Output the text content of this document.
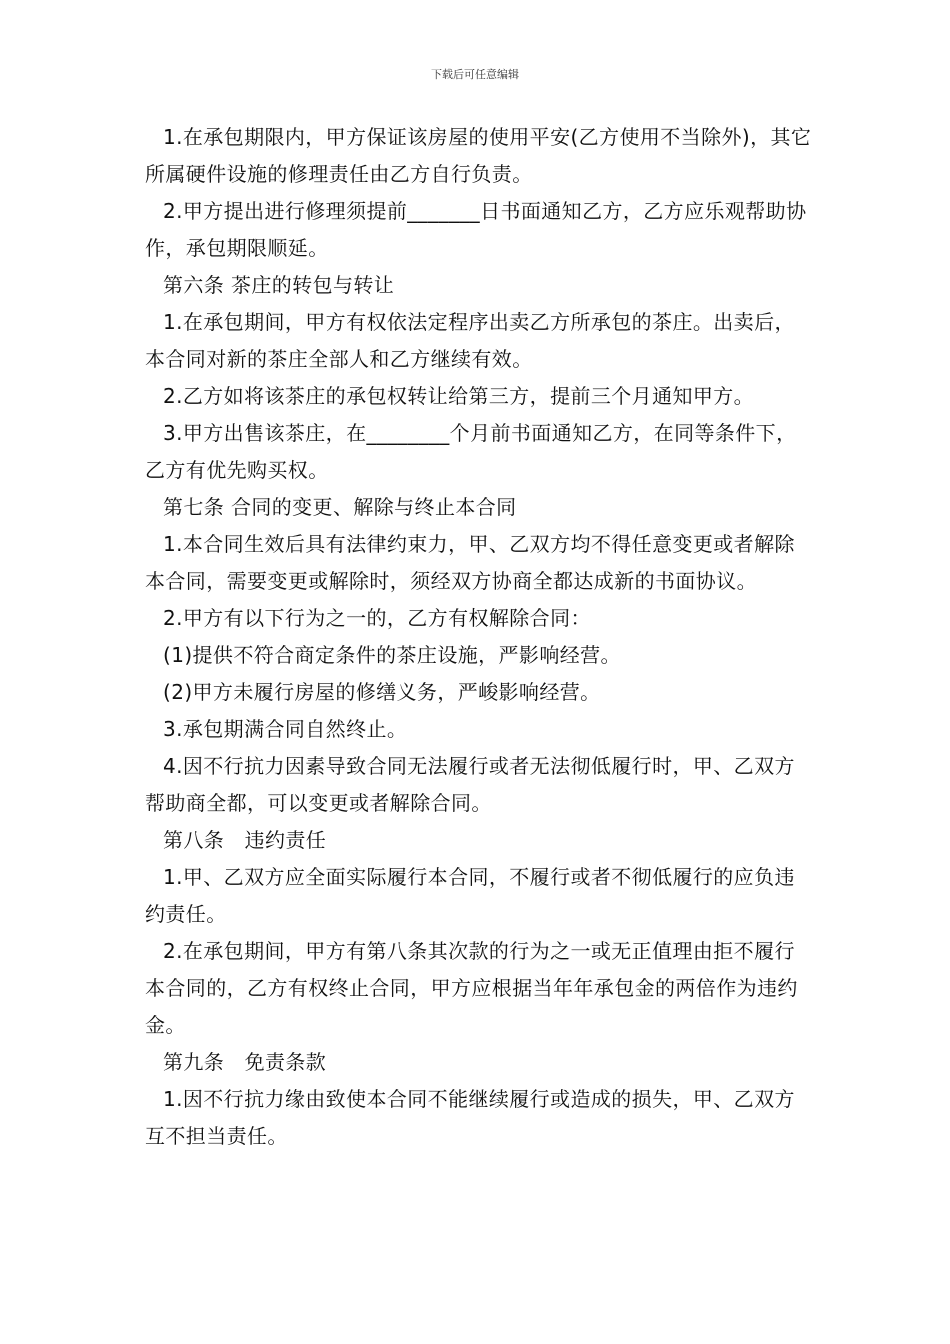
下载后可任意编辑

1.在承包期限内，甲方保证该房屋的使用平安(乙方使用不当除外)，其它所属硬件设施的修理责任由乙方自行负责。

2.甲方提出进行修理须提前_______日书面通知乙方，乙方应乐观帮助协作，承包期限顺延。

第六条 茶庄的转包与转让

1.在承包期间，甲方有权依法定程序出卖乙方所承包的茶庄。出卖后，本合同对新的茶庄全部人和乙方继续有效。

2.乙方如将该茶庄的承包权转让给第三方，提前三个月通知甲方。

3.甲方出售该茶庄，在________个月前书面通知乙方，在同等条件下，乙方有优先购买权。

第七条 合同的变更、解除与终止本合同

1.本合同生效后具有法律约束力，甲、乙双方均不得任意变更或者解除本合同，需要变更或解除时，须经双方协商全都达成新的书面协议。

2.甲方有以下行为之一的，乙方有权解除合同：

(1)提供不符合商定条件的茶庄设施，严影响经营。

(2)甲方未履行房屋的修缮义务，严峻影响经营。

3.承包期满合同自然终止。

4.因不行抗力因素导致合同无法履行或者无法彻低履行时，甲、乙双方帮助商全都，可以变更或者解除合同。

第八条　违约责任

1.甲、乙双方应全面实际履行本合同，不履行或者不彻低履行的应负违约责任。

2.在承包期间，甲方有第八条其次款的行为之一或无正值理由拒不履行本合同的，乙方有权终止合同，甲方应根据当年年承包金的两倍作为违约金。

第九条　免责条款

1.因不行抗力缘由致使本合同不能继续履行或造成的损失，甲、乙双方互不担当责任。
